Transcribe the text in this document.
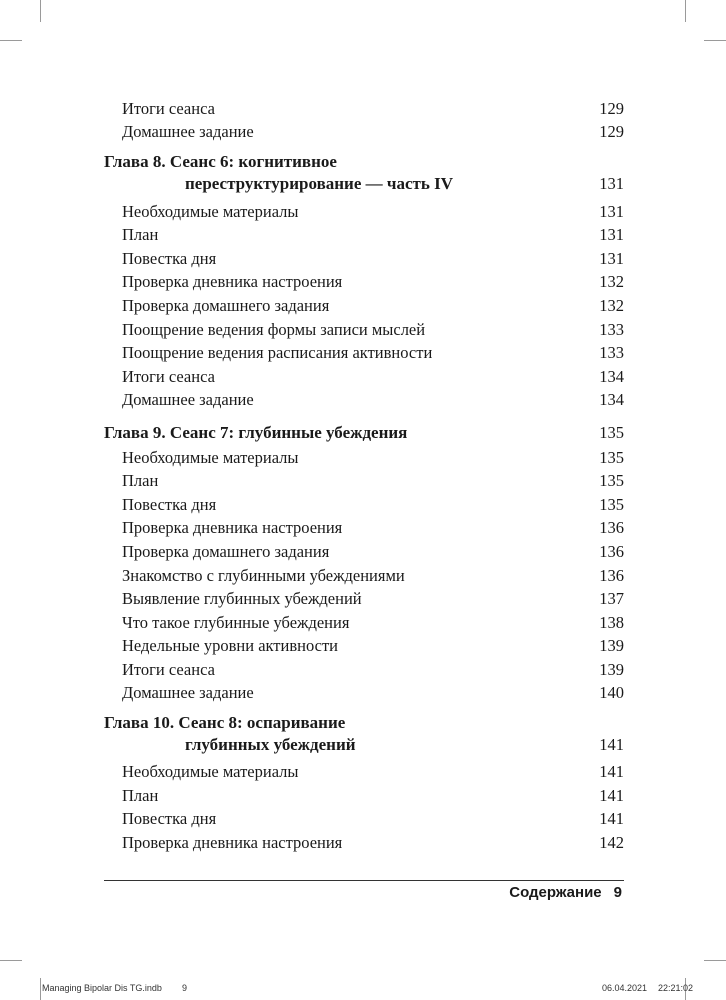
Итоги сеанса	129
Домашнее задание	129
Глава 8. Сеанс 6: когнитивное
переструктурирование — часть IV	131
Необходимые материалы	131
План	131
Повестка дня	131
Проверка дневника настроения	132
Проверка домашнего задания	132
Поощрение ведения формы записи мыслей	133
Поощрение ведения расписания активности	133
Итоги сеанса	134
Домашнее задание	134
Глава 9. Сеанс 7: глубинные убеждения	135
Необходимые материалы	135
План	135
Повестка дня	135
Проверка дневника настроения	136
Проверка домашнего задания	136
Знакомство с глубинными убеждениями	136
Выявление глубинных убеждений	137
Что такое глубинные убеждения	138
Недельные уровни активности	139
Итоги сеанса	139
Домашнее задание	140
Глава 10. Сеанс 8: оспаривание
глубинных убеждений	141
Необходимые материалы	141
План	141
Повестка дня	141
Проверка дневника настроения	142
Содержание 9
Managing Bipolar Dis TG.indb 9	06.04.2021 22:21:02
